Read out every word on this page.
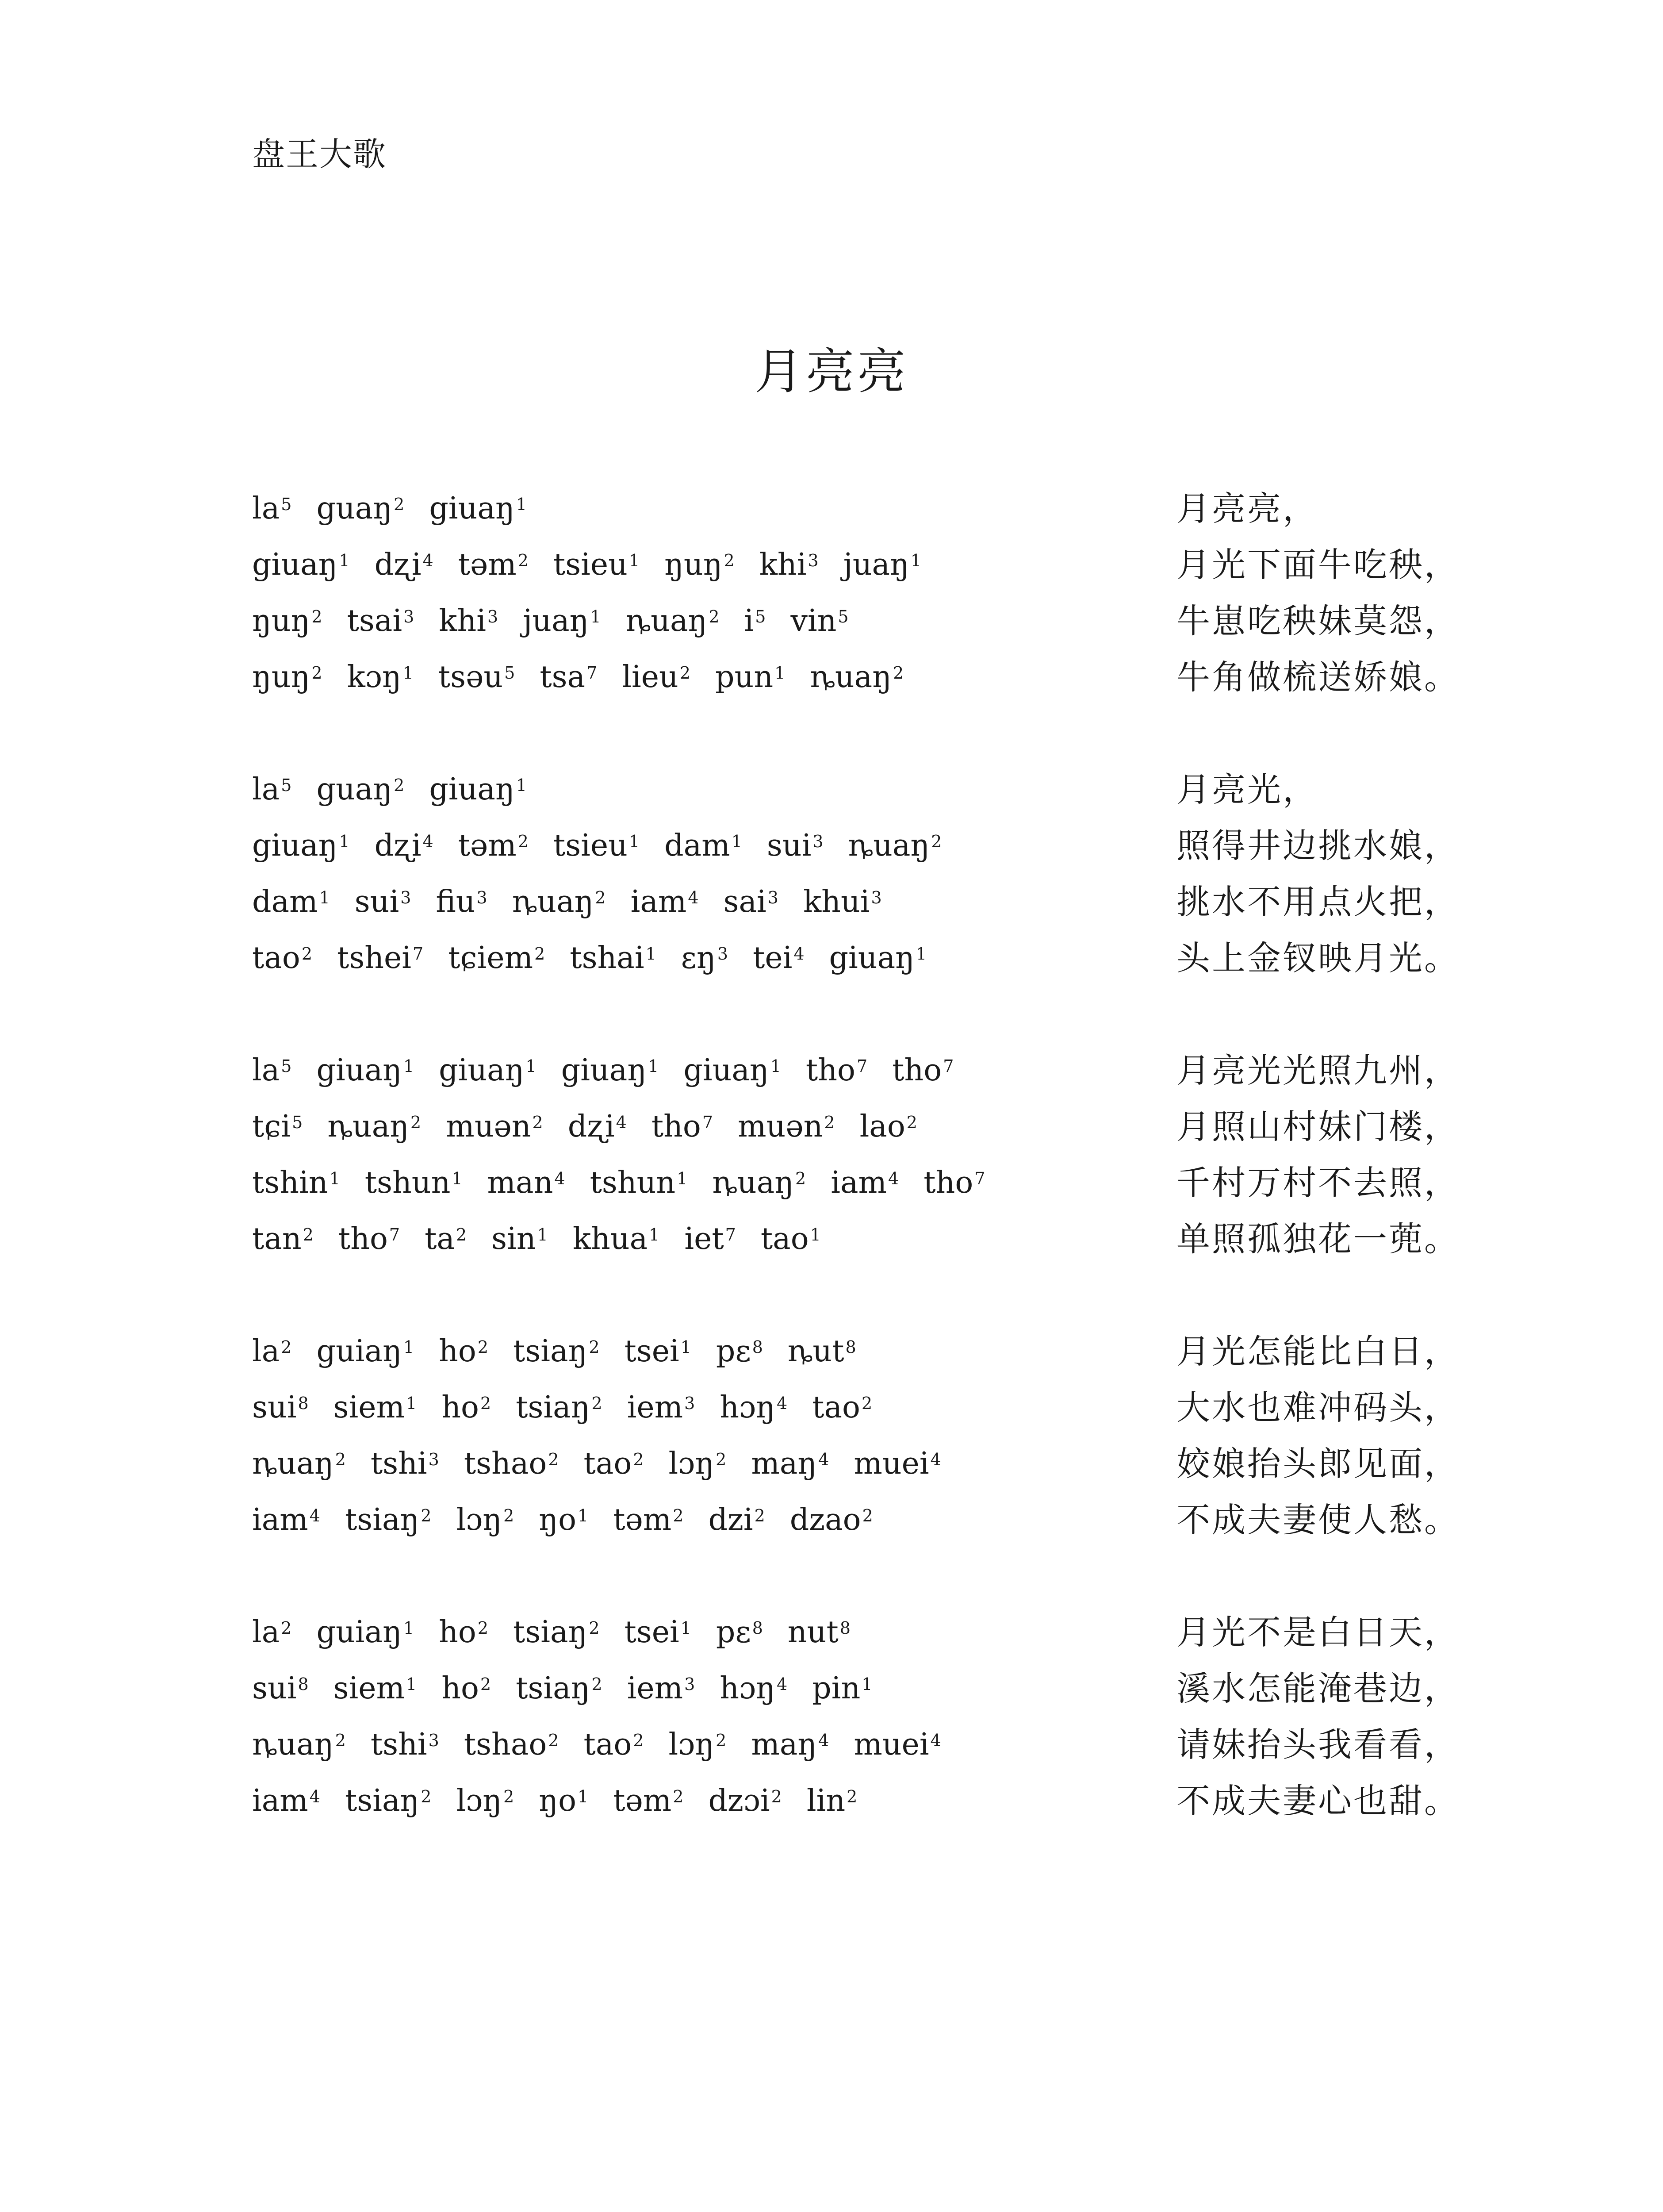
盘王大歌
月亮亮
$la^5$ guaŋ$^2$ giuaŋ$^1$	月亮亮，
giuaŋ$^1$ dʐi$^4$ təm$^2$ tsieu$^1$ ŋuŋ$^2$ khi$^3$ juaŋ$^1$	月光下面牛吃秧，
ŋuŋ$^2$ tsai$^3$ khi$^3$ juaŋ$^1$ ȵuaŋ$^2$ $i^5$ vin$^5$	牛崽吃秧妹莫怨，
ŋuŋ$^2$ kɔŋ$^1$ tsəu$^5$ tsa$^7$ lieu$^2$ pun$^1$ ȵuaŋ$^2$	牛角做梳送娇娘。
$la^5$ guaŋ$^2$ giuaŋ$^1$	月亮光，
giuaŋ$^1$ dʐi$^4$ təm$^2$ tsieu$^1$ dam$^1$ sui$^3$ ȵuaŋ$^2$	照得井边挑水娘，
dam$^1$ sui$^3$ fiu$^3$ ȵuaŋ$^2$ iam$^4$ sai$^3$ khui$^3$	挑水不用点火把，
tao$^2$ tshei$^7$ tɕiem$^2$ tshai$^1$ ɛŋ$^3$ tei$^4$ giuaŋ$^1$	头上金钗映月光。
$la^5$ giuaŋ$^1$ giuaŋ$^1$ giuaŋ$^1$ giuaŋ$^1$ tho$^7$ tho$^7$	月亮光光照九州，
tɕi$^5$ ȵuaŋ$^2$ muən$^2$ dʐi$^4$ tho$^7$ muən$^2$ lao$^2$	月照山村妹门楼，
tshin$^1$ tshun$^1$ man$^4$ tshun$^1$ ȵuaŋ$^2$ iam$^4$ tho$^7$	千村万村不去照，
$\tan^2 tho^7$ $ta^2$ $\sin^1$ khua$^1$ iet$^7$ tao$^1$	单照孤独花一蔸。
$la^2$ guiaŋ$^1$ $ho^2$ tsiaŋ$^2$ tsei$^1$ pɛ$^8$ ȵut$^8$	月光怎能比白日，
sui$^8$ siem$^1$ $ho^2$ tsiaŋ$^2$ iem$^3$ hɔŋ$^4$ tao$^2$	大水也难冲码头，
ȵuaŋ$^2$ tshi$^3$ tshao$^2$ tao$^2$ lɔŋ$^2$ maŋ$^4$ muei$^4$	姣娘抬头郎见面，
iam$^4$ tsiaŋ$^2$ lɔŋ$^2$ $ŋo^1$ təm$^2$ dzi$^2$ dzao$^2$	不成夫妻使人愁。
$la^2$ guiaŋ$^1$ $ho^2$ tsiaŋ$^2$ tsei$^1$ pɛ$^8$ nut$^8$	月光不是白日天，
sui$^8$ siem$^1$ $ho^2$ tsiaŋ$^2$ iem$^3$ hɔŋ$^4$ pin$^1$	溪水怎能淹巷边，
ȵuaŋ$^2$ tshi$^3$ tshao$^2$ tao$^2$ lɔŋ$^2$ maŋ$^4$ muei$^4$	请妹抬头我看看，
iam$^4$ tsiaŋ$^2$ lɔŋ$^2$ $ŋo^1$ təm$^2$ dzɔi$^2$ lin$^2$	不成夫妻心也甜。
